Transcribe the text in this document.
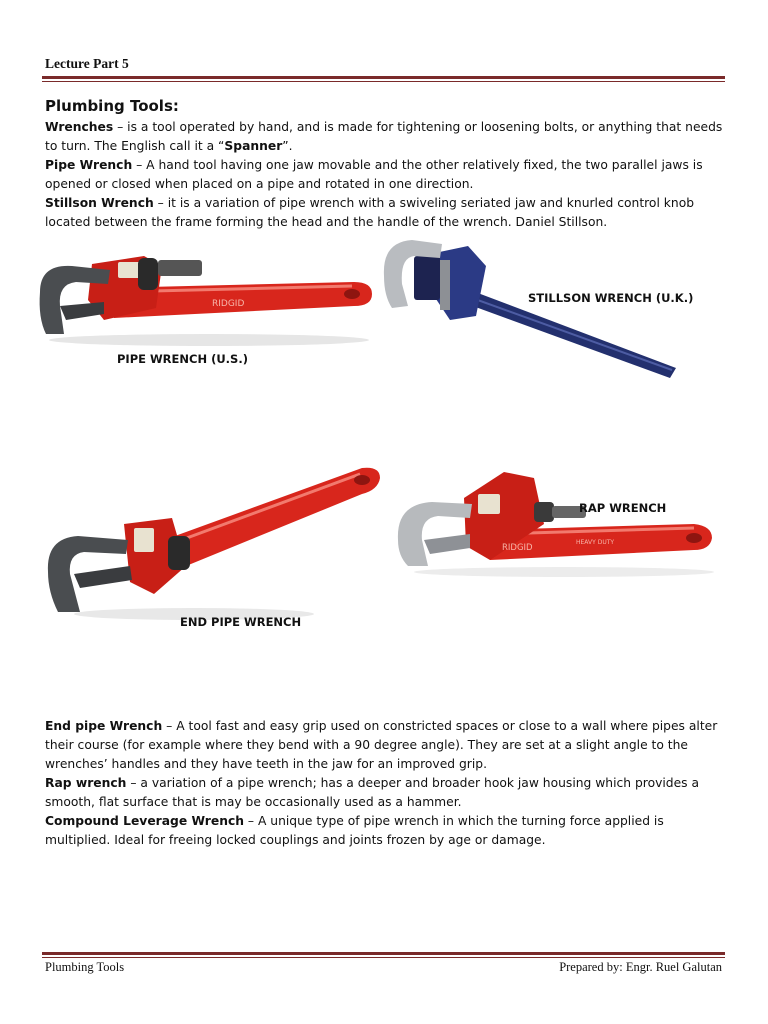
Lecture Part 5
Plumbing Tools:
Wrenches – is a tool operated by hand, and is made for tightening or loosening bolts, or anything that needs to turn. The English call it a “Spanner”.
Pipe Wrench – A hand tool having one jaw movable and the other relatively fixed, the two parallel jaws is opened or closed when placed on a pipe and rotated in one direction.
Stillson Wrench – it is a variation of pipe wrench with a swiveling seriated jaw and knurled control knob located between the frame forming the head and the handle of the wrench. Daniel Stillson.
RIDGID
PIPE WRENCH (U.S.)
STILLSON WRENCH (U.K.)
END PIPE WRENCH
RIDGID
HEAVY DUTY
RAP WRENCH
End pipe Wrench – A tool fast and easy grip used on constricted spaces or close to a wall where pipes alter their course (for example where they bend with a 90 degree angle). They are set at a slight angle to the wrenches’ handles and they have teeth in the jaw for an improved grip.
Rap wrench – a variation of a pipe wrench; has a deeper and broader hook jaw housing which provides a smooth, flat surface that is may be occasionally used as a hammer.
Compound Leverage Wrench – A unique type of pipe wrench in which the turning force applied is multiplied. Ideal for freeing locked couplings and joints frozen by age or damage.
Plumbing Tools	Prepared by: Engr. Ruel Galutan
